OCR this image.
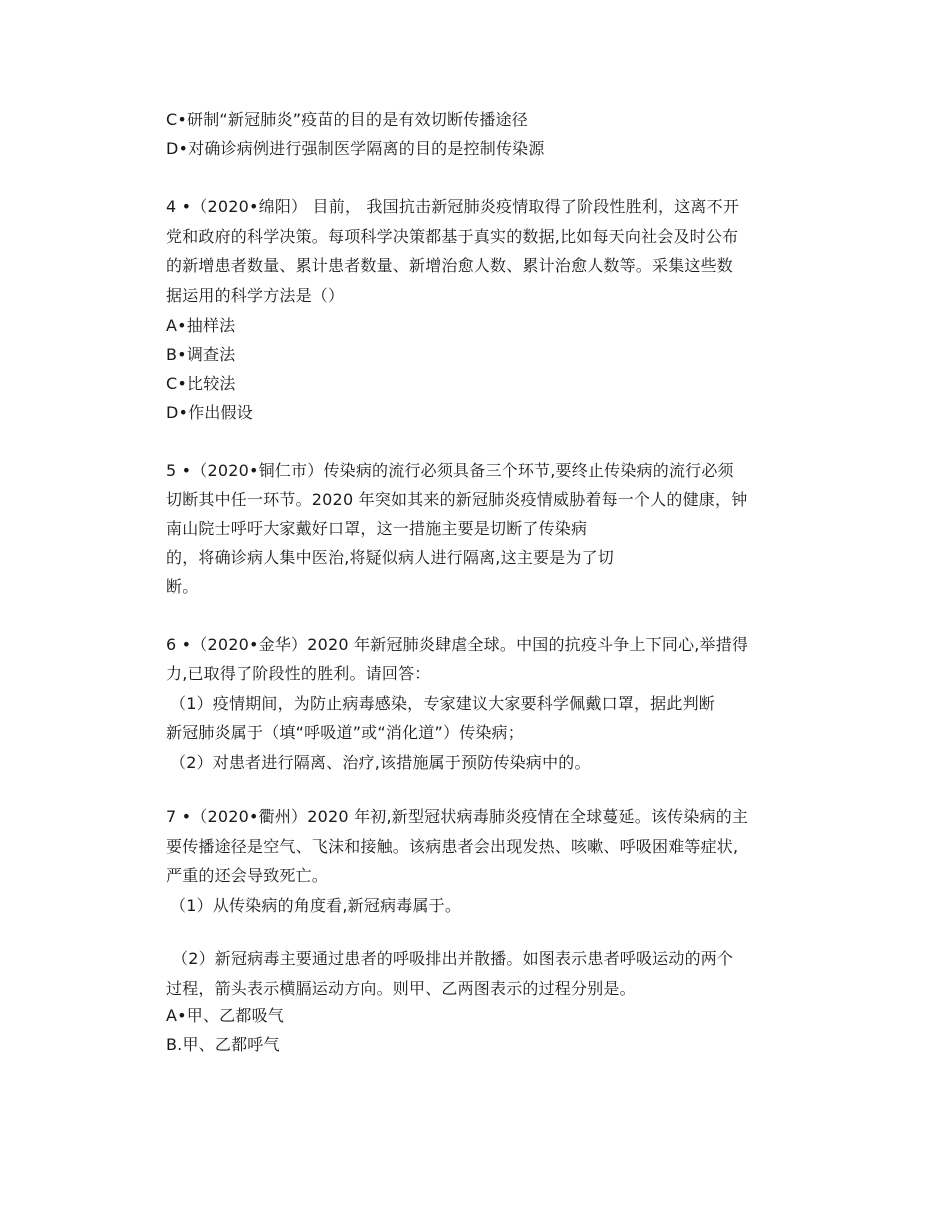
C•研制“新冠肺炎”疫苗的目的是有效切断传播途径
D•对确诊病例进行强制医学隔离的目的是控制传染源
4 •（2020•绵阳） 目前， 我国抗击新冠肺炎疫情取得了阶段性胜利，这离不开
党和政府的科学决策。每项科学决策都基于真实的数据,比如每天向社会及时公布
的新增患者数量、累计患者数量、新增治愈人数、累计治愈人数等。采集这些数
据运用的科学方法是（）
A•抽样法
B•调查法
C•比较法
D•作出假设
5 •（2020•铜仁市）传染病的流行必须具备三个环节,要终止传染病的流行必须
切断其中任一环节。2020 年突如其来的新冠肺炎疫情威胁着每一个人的健康，钟
南山院士呼吁大家戴好口罩，这一措施主要是切断了传染病
的，将确诊病人集中医治,将疑似病人进行隔离,这主要是为了切
断。
6 •（2020•金华）2020 年新冠肺炎肆虐全球。中国的抗疫斗争上下同心,举措得
力,已取得了阶段性的胜利。请回答：
（1）疫情期间，为防止病毒感染，专家建议大家要科学佩戴口罩，据此判断
新冠肺炎属于（填“呼吸道”或“消化道”）传染病；
（2）对患者进行隔离、治疗,该措施属于预防传染病中的。
7 •（2020•衢州）2020 年初,新型冠状病毒肺炎疫情在全球蔓延。该传染病的主
要传播途径是空气、飞沫和接触。该病患者会出现发热、咳嗽、呼吸困难等症状,
严重的还会导致死亡。
（1）从传染病的角度看,新冠病毒属于。
（2）新冠病毒主要通过患者的呼吸排出并散播。如图表示患者呼吸运动的两个
过程，箭头表示横膈运动方向。则甲、乙两图表示的过程分别是。
A•甲、乙都吸气
B.甲、乙都呼气
